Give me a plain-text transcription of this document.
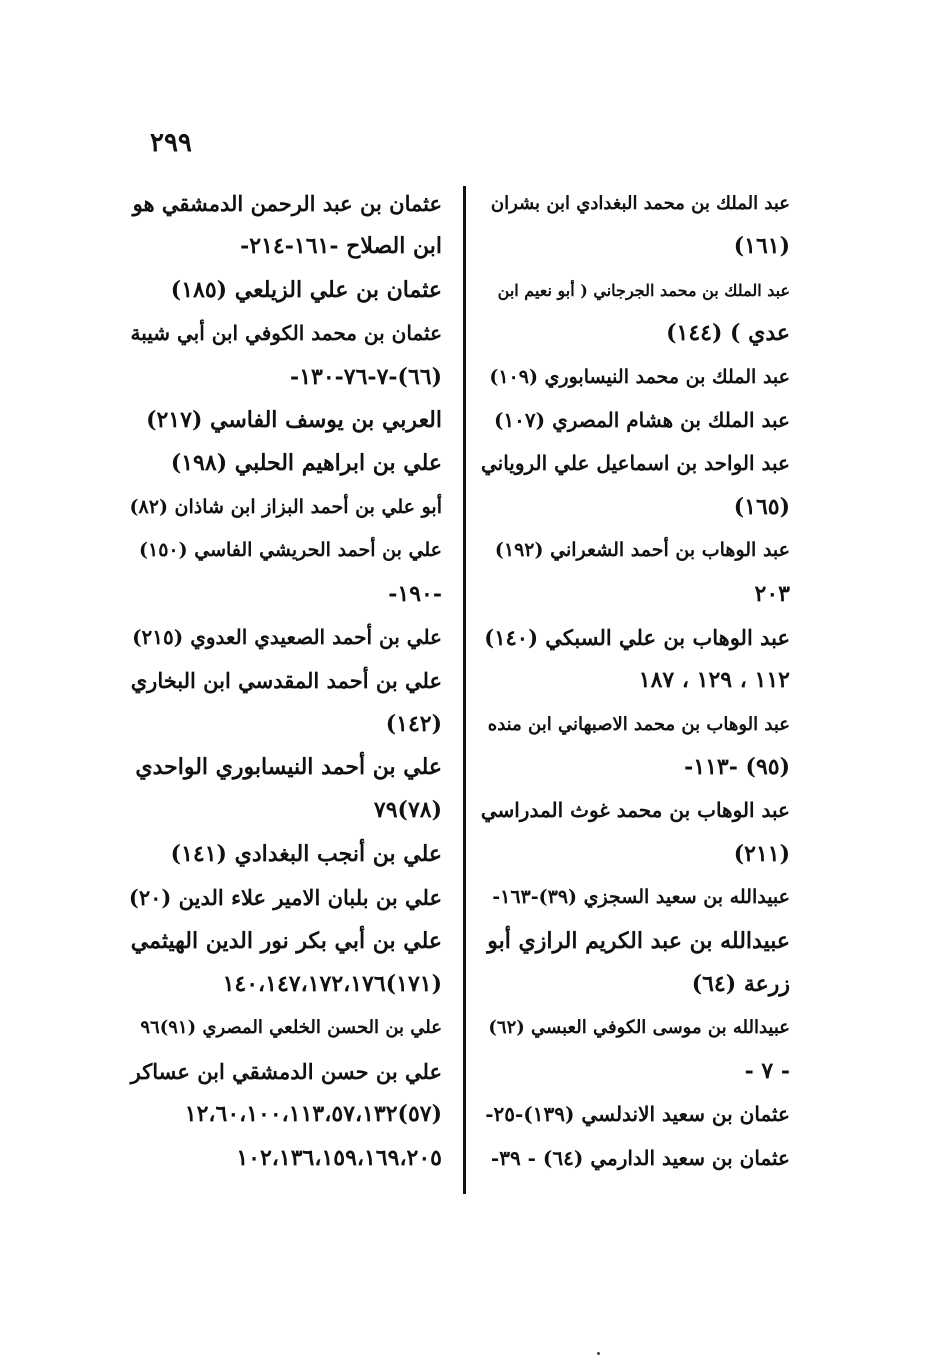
٢٩٩
عبد الملك بن محمد البغدادي ابن بشران
(١٦١)
عبد الملك بن محمد الجرجاني ( أبو نعيم ابن
عدي ) (١٤٤)
عبد الملك بن محمد النيسابوري (١٠٩)
عبد الملك بن هشام المصري (١٠٧)
عبد الواحد بن اسماعيل علي الروياني
(١٦٥)
عبد الوهاب بن أحمد الشعراني (١٩٢)
٢٠٣
عبد الوهاب بن علي السبكي (١٤٠)
١١٢ ، ١٢٩ ، ١٨٧
عبد الوهاب بن محمد الاصبهاني ابن منده
(٩٥) -١١٣-
عبد الوهاب بن محمد غوث المدراسي
(٢١١)
عبيدالله بن سعيد السجزي (٣٩)-١٦٣-
عبيدالله بن عبد الكريم الرازي أبو
زرعة (٦٤)
عبيدالله بن موسى الكوفي العبسي (٦٢)
- ٧ -
عثمان بن سعيد الاندلسي (١٣٩)-٢٥-
عثمان بن سعيد الدارمي (٦٤) - ٣٩-
عثمان بن عبد الرحمن الدمشقي هو
ابن الصلاح -١٦١-٢١٤-
عثمان بن علي الزيلعي (١٨٥)
عثمان بن محمد الكوفي ابن أبي شيبة
(٦٦)-٧-٧٦-١٣٠-
العربي بن يوسف الفاسي (٢١٧)
علي بن ابراهيم الحلبي (١٩٨)
أبو علي بن أحمد البزاز ابن شاذان (٨٢)
علي بن أحمد الحريشي الفاسي (١٥٠)
-١٩٠-
علي بن أحمد الصعيدي العدوي (٢١٥)
علي بن أحمد المقدسي ابن البخاري
(١٤٢)
علي بن أحمد النيسابوري الواحدي
(٧٨)٧٩
علي بن أنجب البغدادي (١٤١)
علي بن بلبان الامير علاء الدين (٢٠)
علي بن أبي بكر نور الدين الهيثمي
(١٧١)١٤٠،١٤٧،١٧٢،١٧٦
علي بن الحسن الخلعي المصري (٩١)٩٦
علي بن حسن الدمشقي ابن عساكر
(٥٧)١٢،٦٠،١٠٠،١١٣،٥٧،١٣٢
١٠٢،١٣٦،١٥٩،١٦٩،٢٠٥
